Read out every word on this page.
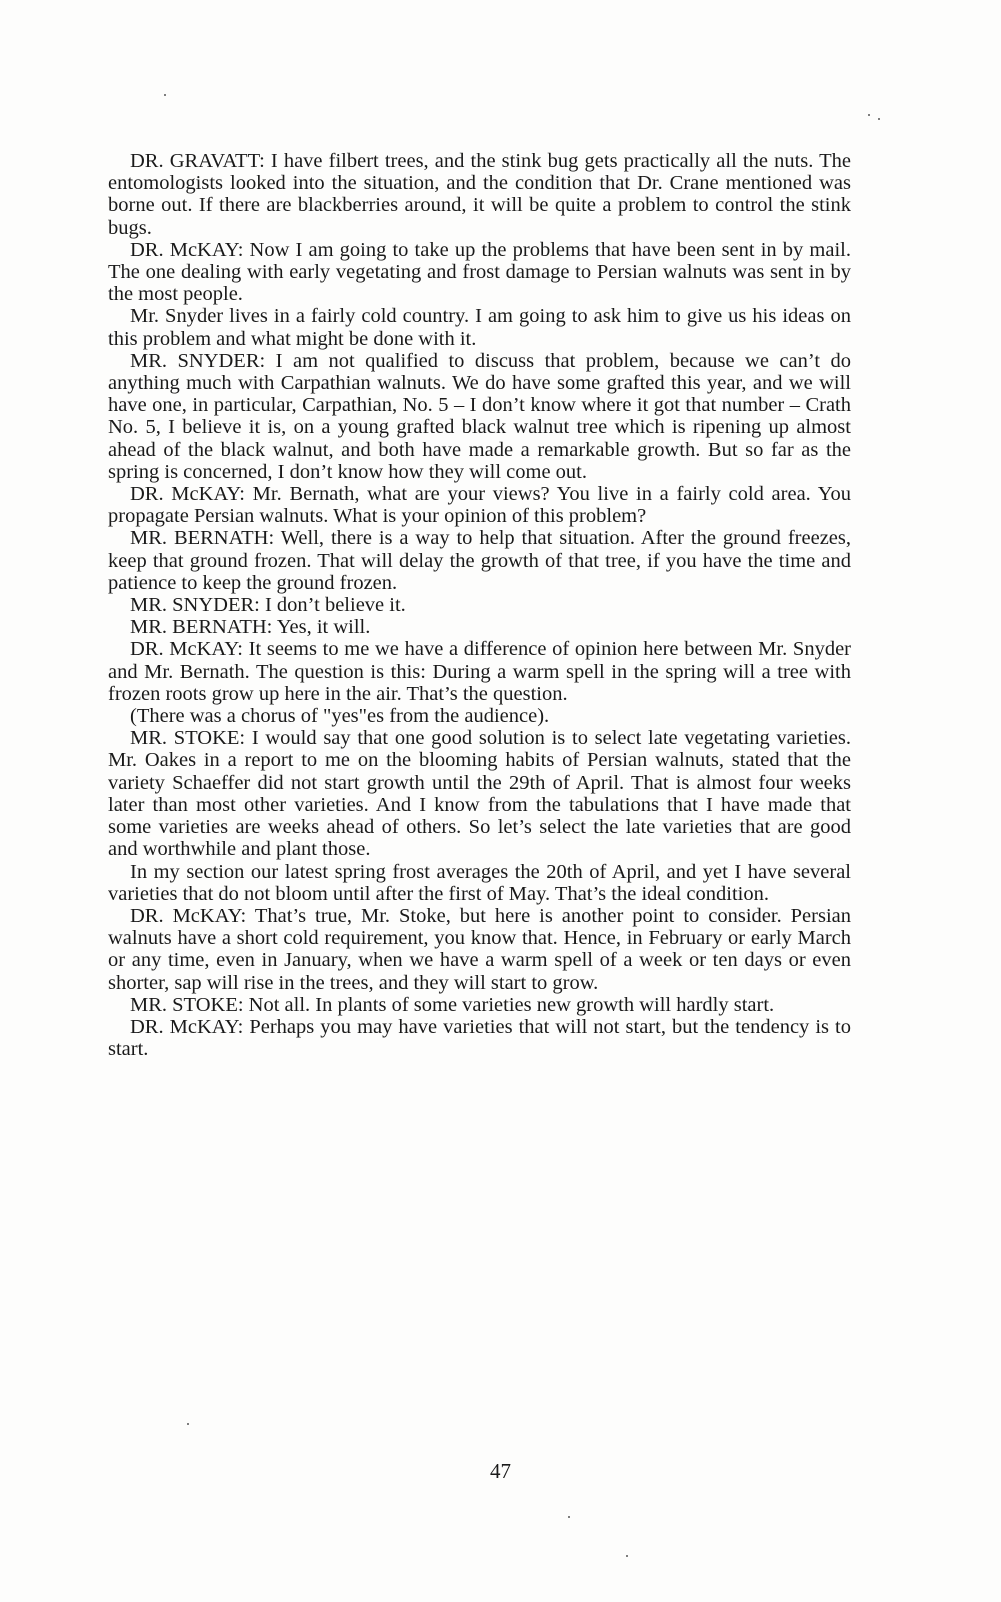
DR. GRAVATT: I have filbert trees, and the stink bug gets practically all the nuts. The entomologists looked into the situation, and the condition that Dr. Crane mentioned was borne out. If there are blackberries around, it will be quite a problem to control the stink bugs.

DR. McKAY: Now I am going to take up the problems that have been sent in by mail. The one dealing with early vegetating and frost damage to Persian walnuts was sent in by the most people.

Mr. Snyder lives in a fairly cold country. I am going to ask him to give us his ideas on this problem and what might be done with it.

MR. SNYDER: I am not qualified to discuss that problem, because we can’t do anything much with Carpathian walnuts. We do have some grafted this year, and we will have one, in particular, Carpathian, No. 5 – I don’t know where it got that number – Crath No. 5, I believe it is, on a young grafted black walnut tree which is ripening up almost ahead of the black walnut, and both have made a remarkable growth. But so far as the spring is concerned, I don’t know how they will come out.

DR. McKAY: Mr. Bernath, what are your views? You live in a fairly cold area. You propagate Persian walnuts. What is your opinion of this problem?

MR. BERNATH: Well, there is a way to help that situation. After the ground freezes, keep that ground frozen. That will delay the growth of that tree, if you have the time and patience to keep the ground frozen.

MR. SNYDER: I don’t believe it.

MR. BERNATH: Yes, it will.

DR. McKAY: It seems to me we have a difference of opinion here between Mr. Snyder and Mr. Bernath. The question is this: During a warm spell in the spring will a tree with frozen roots grow up here in the air. That’s the question.

(There was a chorus of "yes"es from the audience).

MR. STOKE: I would say that one good solution is to select late vegetating varieties. Mr. Oakes in a report to me on the blooming habits of Persian walnuts, stated that the variety Schaeffer did not start growth until the 29th of April. That is almost four weeks later than most other varieties. And I know from the tabulations that I have made that some varieties are weeks ahead of others. So let’s select the late varieties that are good and worthwhile and plant those.

In my section our latest spring frost averages the 20th of April, and yet I have several varieties that do not bloom until after the first of May. That’s the ideal condition.

DR. McKAY: That’s true, Mr. Stoke, but here is another point to consider. Persian walnuts have a short cold requirement, you know that. Hence, in February or early March or any time, even in January, when we have a warm spell of a week or ten days or even shorter, sap will rise in the trees, and they will start to grow.

MR. STOKE: Not all. In plants of some varieties new growth will hardly start.

DR. McKAY: Perhaps you may have varieties that will not start, but the tendency is to start.

47
